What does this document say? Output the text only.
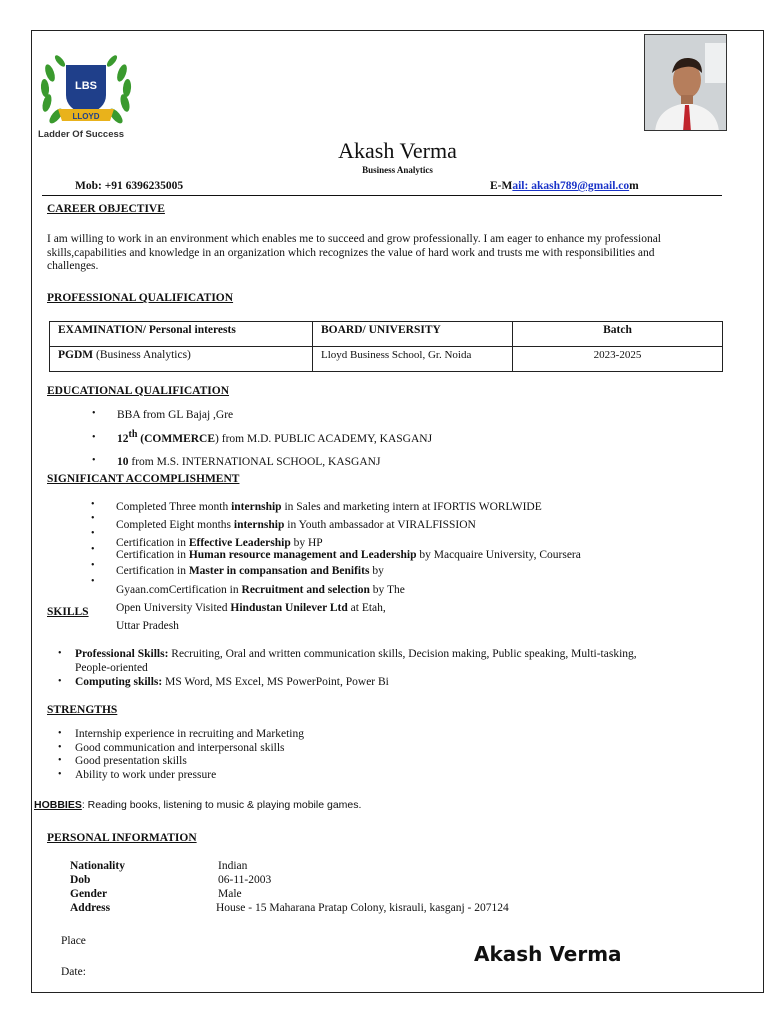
LBS
LLOYD
Ladder Of Success
Akash Verma
Business Analytics
Mob: +91 6396235005	E-Mail: akash789@gmail.com
CAREER OBJECTIVE
I am willing to work in an environment which enables me to succeed and grow professionally. I am eager to enhance my professional skills,capabilities and knowledge in an organization which recognizes the value of hard work and trusts me with responsibilities and challenges.
PROFESSIONAL QUALIFICATION
EXAMINATION/ Personal interests	BOARD/ UNIVERSITY	Batch
PGDM (Business Analytics)	Lloyd Business School, Gr. Noida	2023-2025
EDUCATIONAL QUALIFICATION
• BBA from GL Bajaj ,Gre
• 12th (COMMERCE) from M.D. PUBLIC ACADEMY, KASGANJ
• 10 from M.S. INTERNATIONAL SCHOOL, KASGANJ
SIGNIFICANT ACCOMPLISHMENT
•
•
•
•
•
•
Completed Three month internship in Sales and marketing intern at IFORTIS WORLWIDE
Completed Eight months internship in Youth ambassador at VIRALFISSION
Certification in Effective Leadership by HP
Certification in Human resource management and Leadership by Macquaire University, Coursera
Certification in Master in compansation and Benifits by
Gyaan.comCertification in Recruitment and selection by The
Open University Visited Hindustan Unilever Ltd at Etah,
Uttar Pradesh
SKILLS
• Professional Skills: Recruiting, Oral and written communication skills, Decision making, Public speaking, Multi-tasking,
People-oriented
• Computing skills: MS Word, MS Excel, MS PowerPoint, Power Bi
STRENGTHS
• Internship experience in recruiting and Marketing
• Good communication and interpersonal skills
• Good presentation skills
• Ability to work under pressure
HOBBIES: Reading books, listening to music & playing mobile games.
PERSONAL INFORMATION
Nationality	Indian
Dob	06-11-2003
Gender	Male
Address	House - 15 Maharana Pratap Colony, kisrauli, kasganj - 207124
Place
Date:
Akash Verma
